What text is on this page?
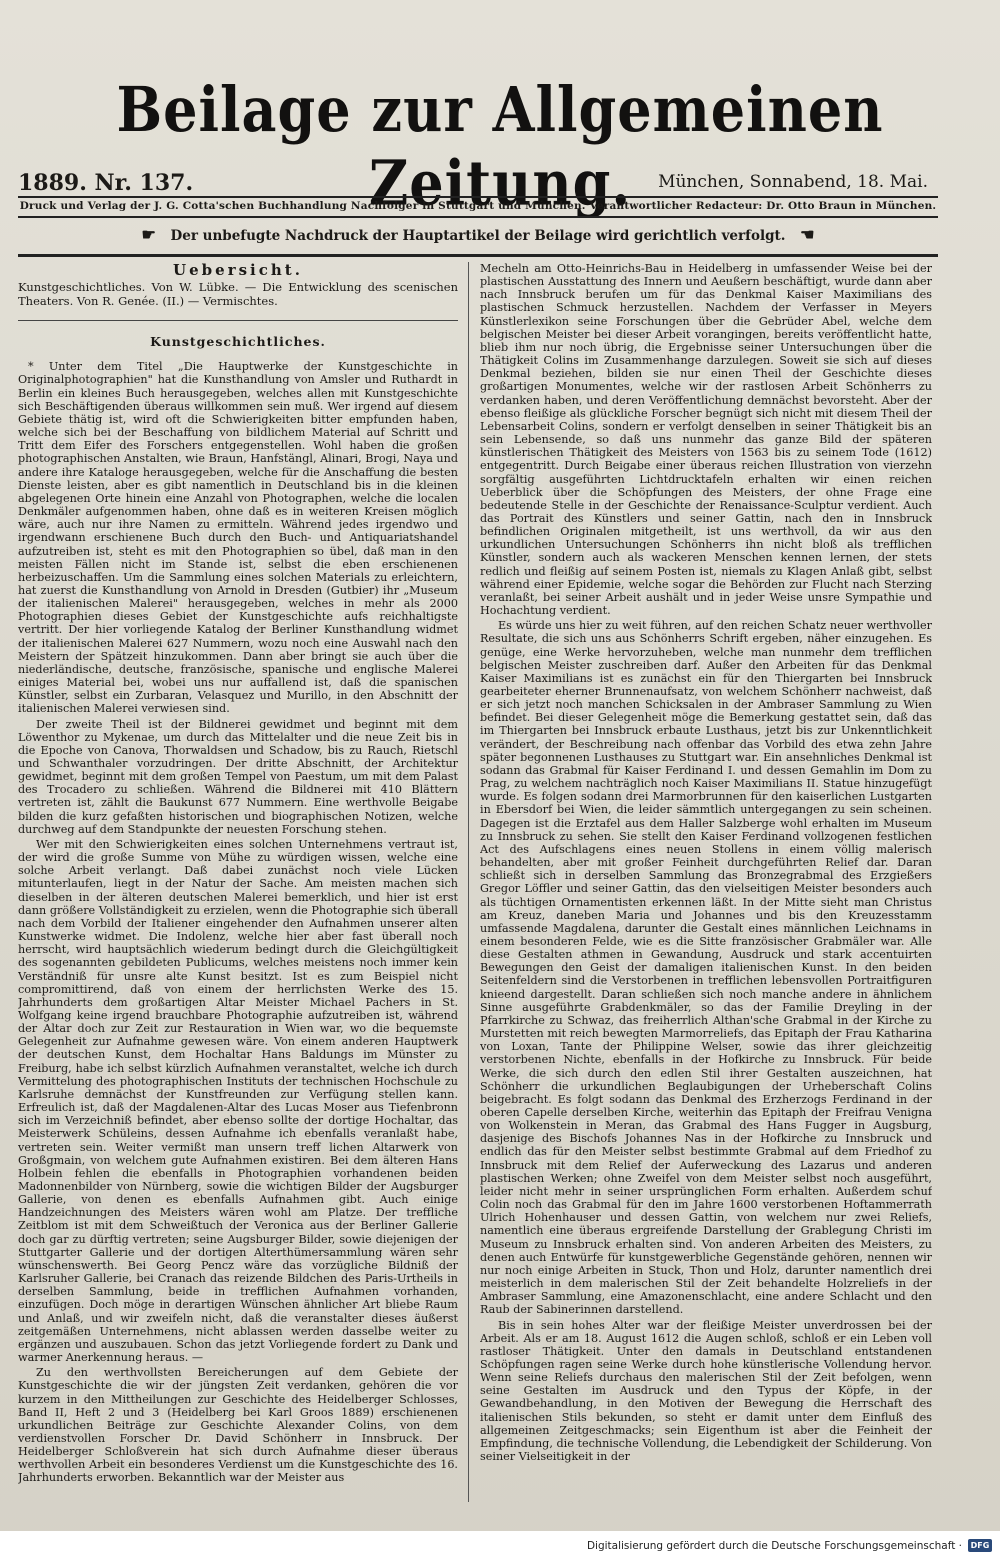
Beilage zur Allgemeinen Zeitung.
1889. Nr. 137.	München, Sonnabend, 18. Mai.
Druck und Verlag der J. G. Cotta'schen Buchhandlung Nachfolger in Stuttgart und München. Verantwortlicher Redacteur: Dr. Otto Braun in München.
☛ Der unbefugte Nachdruck der Hauptartikel der Beilage wird gerichtlich verfolgt. ☚
Uebersicht.
Kunstgeschichtliches. Von W. Lübke. — Die Entwicklung des scenischen Theaters. Von R. Genée. (II.) — Vermischtes.
Kunstgeschichtliches.

* Unter dem Titel „Die Hauptwerke der Kunstgeschichte in Originalphotographien" hat die Kunsthandlung von Amsler und Ruthardt in Berlin ein kleines Buch herausgegeben, welches allen mit Kunstgeschichte sich Beschäftigenden überaus willkommen sein muß. Wer irgend auf diesem Gebiete thätig ist, wird oft die Schwierigkeiten bitter empfunden haben, welche sich bei der Beschaffung von bildlichem Material auf Schritt und Tritt dem Eifer des Forschers entgegenstellen. Wohl haben die großen photographischen Anstalten, wie Braun, Hanfstängl, Alinari, Brogi, Naya und andere ihre Kataloge herausgegeben, welche für die Anschaffung die besten Dienste leisten, aber es gibt namentlich in Deutschland bis in die kleinen abgelegenen Orte hinein eine Anzahl von Photographen, welche die localen Denkmäler aufgenommen haben, ohne daß es in weiteren Kreisen möglich wäre, auch nur ihre Namen zu ermitteln. Während jedes irgendwo und irgendwann erschienene Buch durch den Buch- und Antiquariatshandel aufzutreiben ist, steht es mit den Photographien so übel, daß man in den meisten Fällen nicht im Stande ist, selbst die eben erschienenen herbeizuschaffen. Um die Sammlung eines solchen Materials zu erleichtern, hat zuerst die Kunsthandlung von Arnold in Dresden (Gutbier) ihr „Museum der italienischen Malerei" herausgegeben, welches in mehr als 2000 Photographien dieses Gebiet der Kunstgeschichte aufs reichhaltigste vertritt. Der hier vorliegende Katalog der Berliner Kunsthandlung widmet der italienischen Malerei 627 Nummern, wozu noch eine Auswahl nach den Meistern der Spätzeit hinzukommen. Dann aber bringt sie auch über die niederländische, deutsche, französische, spanische und englische Malerei einiges Material bei, wobei uns nur auffallend ist, daß die spanischen Künstler, selbst ein Zurbaran, Velasquez und Murillo, in den Abschnitt der italienischen Malerei verwiesen sind.

Der zweite Theil ist der Bildnerei gewidmet und beginnt mit dem Löwenthor zu Mykenae, um durch das Mittelalter und die neue Zeit bis in die Epoche von Canova, Thorwaldsen und Schadow, bis zu Rauch, Rietschl und Schwanthaler vorzudringen. Der dritte Abschnitt, der Architektur gewidmet, beginnt mit dem großen Tempel von Paestum, um mit dem Palast des Trocadero zu schließen. Während die Bildnerei mit 410 Blättern vertreten ist, zählt die Baukunst 677 Nummern. Eine werthvolle Beigabe bilden die kurz gefaßten historischen und biographischen Notizen, welche durchweg auf dem Standpunkte der neuesten Forschung stehen.

Wer mit den Schwierigkeiten eines solchen Unternehmens vertraut ist, der wird die große Summe von Mühe zu würdigen wissen, welche eine solche Arbeit verlangt. Daß dabei zunächst noch viele Lücken mitunterlaufen, liegt in der Natur der Sache. Am meisten machen sich dieselben in der älteren deutschen Malerei bemerklich, und hier ist erst dann größere Vollständigkeit zu erzielen, wenn die Photographie sich überall nach dem Vorbild der Italiener eingehender den Aufnahmen unserer alten Kunstwerke widmet. Die Indolenz, welche hier aber fast überall noch herrscht, wird hauptsächlich wiederum bedingt durch die Gleichgültigkeit des sogenannten gebildeten Publicums, welches meistens noch immer kein Verständniß für unsre alte Kunst besitzt. Ist es zum Beispiel nicht compromittirend, daß von einem der herrlichsten Werke des 15. Jahrhunderts dem großartigen Altar Meister Michael Pachers in St. Wolfgang keine irgend brauchbare Photographie aufzutreiben ist, während der Altar doch zur Zeit zur Restauration in Wien war, wo die bequemste Gelegenheit zur Aufnahme gewesen wäre. Von einem anderen Hauptwerk der deutschen Kunst, dem Hochaltar Hans Baldungs im Münster zu Freiburg, habe ich selbst kürzlich Aufnahmen veranstaltet, welche ich durch Vermittelung des photographischen Instituts der technischen Hochschule zu Karlsruhe demnächst der Kunstfreunden zur Verfügung stellen kann. Erfreulich ist, daß der Magdalenen-Altar des Lucas Moser aus Tiefenbronn sich im Verzeichniß befindet, aber ebenso sollte der dortige Hochaltar, das Meisterwerk Schüleins, dessen Aufnahme ich ebenfalls veranlaßt habe, vertreten sein. Weiter vermißt man unsern treff lichen Altarwerk von Großgmain, von welchem gute Aufnahmen existiren. Bei dem älteren Hans Holbein fehlen die ebenfalls in Photographien vorhandenen beiden Madonnenbilder von Nürnberg, sowie die wichtigen Bilder der Augsburger Gallerie, von denen es ebenfalls Aufnahmen gibt. Auch einige Handzeichnungen des Meisters wären wohl am Platze. Der treffliche Zeitblom ist mit dem Schweißtuch der Veronica aus der Berliner Gallerie doch gar zu dürftig vertreten; seine Augsburger Bilder, sowie diejenigen der Stuttgarter Gallerie und der dortigen Alterthümersammlung wären sehr wünschenswerth. Bei Georg Pencz wäre das vorzügliche Bildniß der Karlsruher Gallerie, bei Cranach das reizende Bildchen des Paris-Urtheils in derselben Sammlung, beide in trefflichen Aufnahmen vorhanden, einzufügen. Doch möge in derartigen Wünschen ähnlicher Art bliebe Raum und Anlaß, und wir zweifeln nicht, daß die veranstalter dieses äußerst zeitgemäßen Unternehmens, nicht ablassen werden dasselbe weiter zu ergänzen und auszubauen. Schon das jetzt Vorliegende fordert zu Dank und warmer Anerkennung heraus. —

Zu den werthvollsten Bereicherungen auf dem Gebiete der Kunstgeschichte die wir der jüngsten Zeit verdanken, gehören die vor kurzem in den Mittheilungen zur Geschichte des Heidelberger Schlosses, Band II, Heft 2 und 3 (Heidelberg bei Karl Groos 1889) erschienenen urkundlichen Beiträge zur Geschichte Alexander Colins, von dem verdienstvollen Forscher Dr. David Schönherr in Innsbruck. Der Heidelberger Schloßverein hat sich durch Aufnahme dieser überaus werthvollen Arbeit ein besonderes Verdienst um die Kunstgeschichte des 16. Jahrhunderts erworben. Bekanntlich war der Meister aus

Mecheln am Otto-Heinrichs-Bau in Heidelberg in umfassender Weise bei der plastischen Ausstattung des Innern und Aeußern beschäftigt, wurde dann aber nach Innsbruck berufen um für das Denkmal Kaiser Maximilians des plastischen Schmuck herzustellen. Nachdem der Verfasser in Meyers Künstlerlexikon seine Forschungen über die Gebrüder Abel, welche dem belgischen Meister bei dieser Arbeit vorangingen, bereits veröffentlicht hatte, blieb ihm nur noch übrig, die Ergebnisse seiner Untersuchungen über die Thätigkeit Colins im Zusammenhange darzulegen. Soweit sie sich auf dieses Denkmal beziehen, bilden sie nur einen Theil der Geschichte dieses großartigen Monumentes, welche wir der rastlosen Arbeit Schönherrs zu verdanken haben, und deren Veröffentlichung demnächst bevorsteht. Aber der ebenso fleißige als glückliche Forscher begnügt sich nicht mit diesem Theil der Lebensarbeit Colins, sondern er verfolgt denselben in seiner Thätigkeit bis an sein Lebensende, so daß uns nunmehr das ganze Bild der späteren künstlerischen Thätigkeit des Meisters von 1563 bis zu seinem Tode (1612) entgegentritt. Durch Beigabe einer überaus reichen Illustration von vierzehn sorgfältig ausgeführten Lichtdrucktafeln erhalten wir einen reichen Ueberblick über die Schöpfungen des Meisters, der ohne Frage eine bedeutende Stelle in der Geschichte der Renaissance-Sculptur verdient. Auch das Portrait des Künstlers und seiner Gattin, nach den in Innsbruck befindlichen Originalen mitgetheilt, ist uns werthvoll, da wir aus den urkundlichen Untersuchungen Schönherrs ihn nicht bloß als trefflichen Künstler, sondern auch als wackeren Menschen kennen lernen, der stets redlich und fleißig auf seinem Posten ist, niemals zu Klagen Anlaß gibt, selbst während einer Epidemie, welche sogar die Behörden zur Flucht nach Sterzing veranlaßt, bei seiner Arbeit aushält und in jeder Weise unsre Sympathie und Hochachtung verdient.

Es würde uns hier zu weit führen, auf den reichen Schatz neuer werthvoller Resultate, die sich uns aus Schönherrs Schrift ergeben, näher einzugehen. Es genüge, eine Werke hervorzuheben, welche man nunmehr dem trefflichen belgischen Meister zuschreiben darf. Außer den Arbeiten für das Denkmal Kaiser Maximilians ist es zunächst ein für den Thiergarten bei Innsbruck gearbeiteter eherner Brunnenaufsatz, von welchem Schönherr nachweist, daß er sich jetzt noch manchen Schicksalen in der Ambraser Sammlung zu Wien befindet. Bei dieser Gelegenheit möge die Bemerkung gestattet sein, daß das im Thiergarten bei Innsbruck erbaute Lusthaus, jetzt bis zur Unkenntlichkeit verändert, der Beschreibung nach offenbar das Vorbild des etwa zehn Jahre später begonnenen Lusthauses zu Stuttgart war. Ein ansehnliches Denkmal ist sodann das Grabmal für Kaiser Ferdinand I. und dessen Gemahlin im Dom zu Prag, zu welchem nachträglich noch Kaiser Maximilians II. Statue hinzugefügt wurde. Es folgen sodann drei Marmorbrunnen für den kaiserlichen Lustgarten in Ebersdorf bei Wien, die leider sämmtlich untergegangen zu sein scheinen. Dagegen ist die Erztafel aus dem Haller Salzberge wohl erhalten im Museum zu Innsbruck zu sehen. Sie stellt den Kaiser Ferdinand vollzogenen festlichen Act des Aufschlagens eines neuen Stollens in einem völlig malerisch behandelten, aber mit großer Feinheit durchgeführten Relief dar. Daran schließt sich in derselben Sammlung das Bronzegrabmal des Erzgießers Gregor Löffler und seiner Gattin, das den vielseitigen Meister besonders auch als tüchtigen Ornamentisten erkennen läßt. In der Mitte sieht man Christus am Kreuz, daneben Maria und Johannes und bis den Kreuzesstamm umfassende Magdalena, darunter die Gestalt eines männlichen Leichnams in einem besonderen Felde, wie es die Sitte französischer Grabmäler war. Alle diese Gestalten athmen in Gewandung, Ausdruck und stark accentuirten Bewegungen den Geist der damaligen italienischen Kunst. In den beiden Seitenfeldern sind die Verstorbenen in trefflichen lebensvollen Portraitfiguren knieend dargestellt. Daran schließen sich noch manche andere in ähnlichem Sinne ausgeführte Grabdenkmäler, so das der Familie Dreyling in der Pfarrkirche zu Schwaz, das freiherrlich Althan'sche Grabmal in der Kirche zu Murstetten mit reich bewegten Marmorreliefs, das Epitaph der Frau Katharina von Loxan, Tante der Philippine Welser, sowie das ihrer gleichzeitig verstorbenen Nichte, ebenfalls in der Hofkirche zu Innsbruck. Für beide Werke, die sich durch den edlen Stil ihrer Gestalten auszeichnen, hat Schönherr die urkundlichen Beglaubigungen der Urheberschaft Colins beigebracht. Es folgt sodann das Denkmal des Erzherzogs Ferdinand in der oberen Capelle derselben Kirche, weiterhin das Epitaph der Freifrau Venigna von Wolkenstein in Meran, das Grabmal des Hans Fugger in Augsburg, dasjenige des Bischofs Johannes Nas in der Hofkirche zu Innsbruck und endlich das für den Meister selbst bestimmte Grabmal auf dem Friedhof zu Innsbruck mit dem Relief der Auferweckung des Lazarus und anderen plastischen Werken; ohne Zweifel von dem Meister selbst noch ausgeführt, leider nicht mehr in seiner ursprünglichen Form erhalten. Außerdem schuf Colin noch das Grabmal für den im Jahre 1600 verstorbenen Hoftammerrath Ulrich Hohenhauser und dessen Gattin, von welchem nur zwei Reliefs, namentlich eine überaus ergreifende Darstellung der Grablegung Christi im Museum zu Innsbruck erhalten sind. Von anderen Arbeiten des Meisters, zu denen auch Entwürfe für kunstgewerbliche Gegenstände gehören, nennen wir nur noch einige Arbeiten in Stuck, Thon und Holz, darunter namentlich drei meisterlich in dem malerischen Stil der Zeit behandelte Holzreliefs in der Ambraser Sammlung, eine Amazonenschlacht, eine andere Schlacht und den Raub der Sabinerinnen darstellend.

Bis in sein hohes Alter war der fleißige Meister unverdrossen bei der Arbeit. Als er am 18. August 1612 die Augen schloß, schloß er ein Leben voll rastloser Thätigkeit. Unter den damals in Deutschland entstandenen Schöpfungen ragen seine Werke durch hohe künstlerische Vollendung hervor. Wenn seine Reliefs durchaus den malerischen Stil der Zeit befolgen, wenn seine Gestalten im Ausdruck und den Typus der Köpfe, in der Gewandbehandlung, in den Motiven der Bewegung die Herrschaft des italienischen Stils bekunden, so steht er damit unter dem Einfluß des allgemeinen Zeitgeschmacks; sein Eigenthum ist aber die Feinheit der Empfindung, die technische Vollendung, die Lebendigkeit der Schilderung. Von seiner Vielseitigkeit in der

Digitalisierung gefördert durch die Deutsche Forschungsgemeinschaft ·	DFG
